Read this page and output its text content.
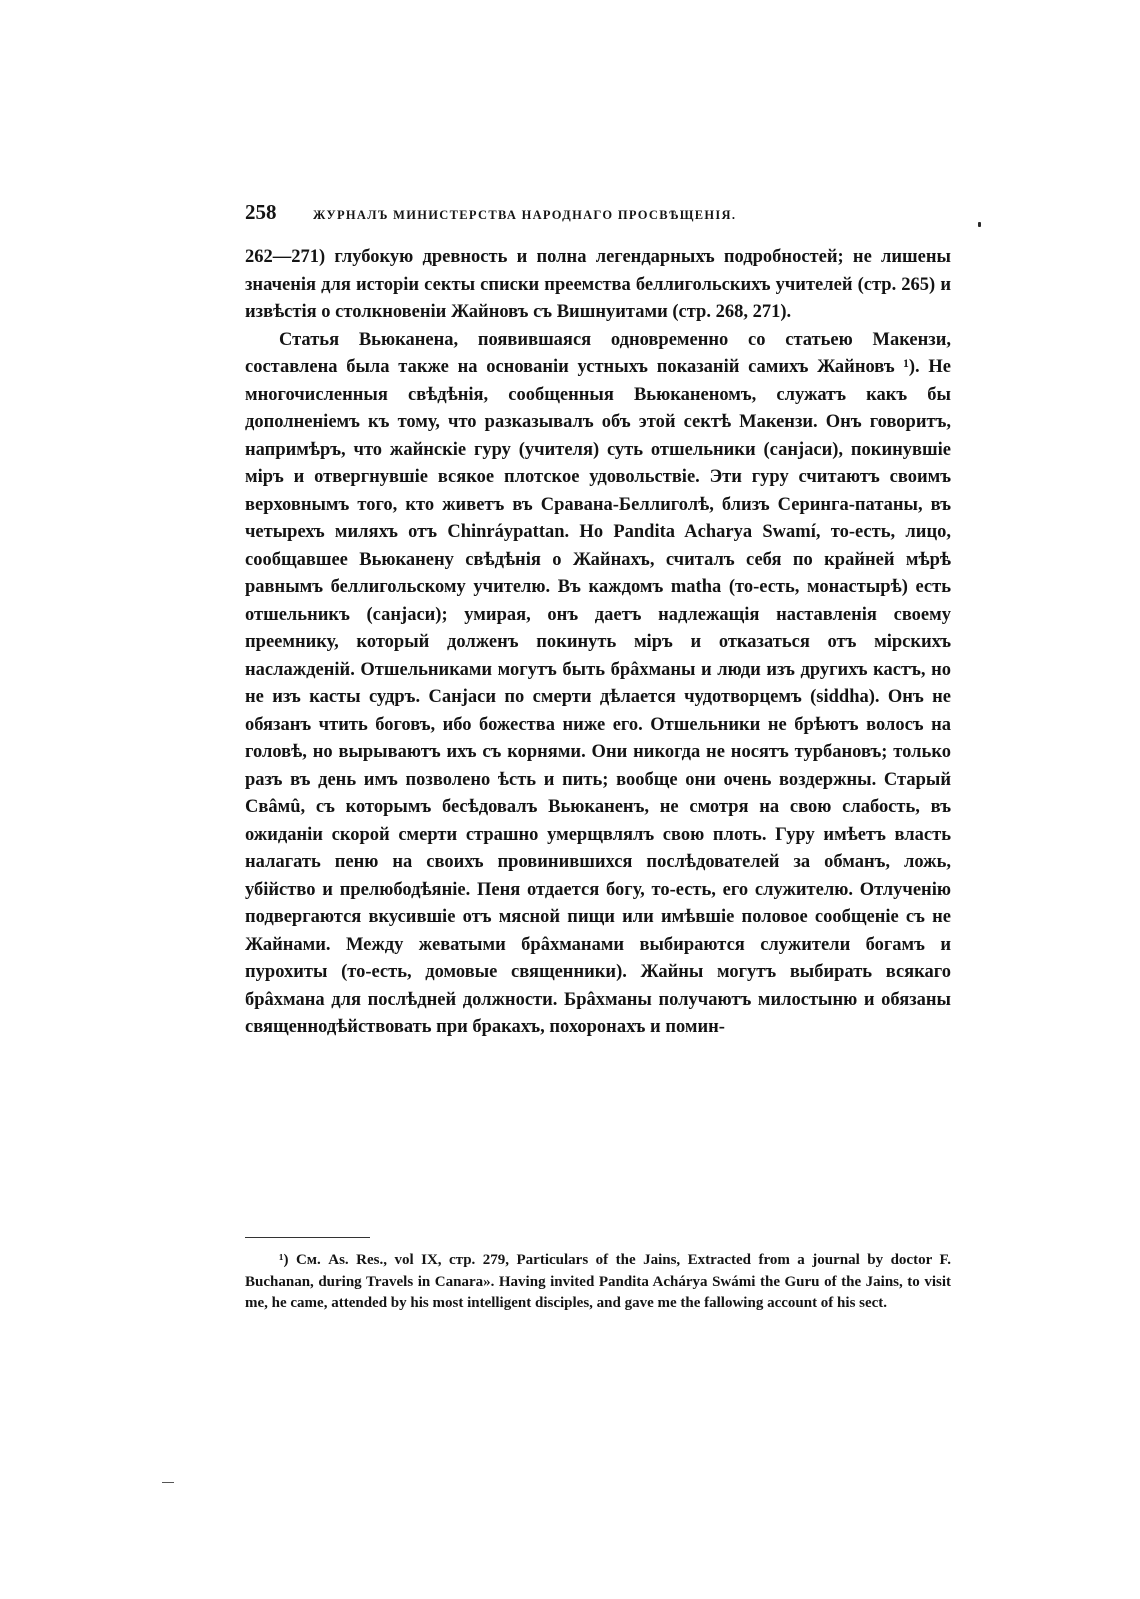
258	ЖУРНАЛЪ МИНИСТЕРСТВА НАРОДНАГО ПРОСВѢЩЕНІЯ.

262—271) глубокую древность и полна легендарныхъ подробностей; не лишены значенія для исторіи секты списки преемства беллигольскихъ учителей (стр. 265) и извѣстія о столкновеніи Жайновъ съ Вишнуитами (стр. 268, 271).

Статья Вьюканена, появившаяся одновременно со статьею Макензи, составлена была также на основаніи устныхъ показаній самихъ Жайновъ ¹). Не многочисленныя свѣдѣнія, сообщенныя Вьюканеномъ, служатъ какъ бы дополненіемъ къ тому, что разказывалъ объ этой сектѣ Макензи. Онъ говоритъ, напримѣръ, что жайнскіе гуру (учителя) суть отшельники (санjаси), покинувшіе міръ и отвергнувшіе всякое плотское удовольствіе. Эти гуру считаютъ своимъ верховнымъ того, кто живетъ въ Сравана-Беллиголѣ, близъ Серинга-патаны, въ четырехъ миляхъ отъ Chinráypattan. Но Pandita Acharya Swamí, то-есть, лицо, сообщавшее Вьюканену свѣдѣнія о Жайнахъ, считалъ себя по крайней мѣрѣ равнымъ беллигольскому учителю. Въ каждомъ matha (то-есть, монастырѣ) есть отшельникъ (санjаси); умирая, онъ даетъ надлежащія наставленія своему преемнику, который долженъ покинуть міръ и отказаться отъ мірскихъ наслажденій. Отшельниками могутъ быть брâхманы и люди изъ другихъ кастъ, но не изъ касты судръ. Санjаси по смерти дѣлается чудотворцемъ (siddha). Онъ не обязанъ чтить боговъ, ибо божества ниже его. Отшельники не брѣютъ волосъ на головѣ, но вырываютъ ихъ съ корнями. Они никогда не носятъ турбановъ; только разъ въ день имъ позволено ѣсть и пить; вообще они очень воздержны. Старый Свâмû, съ которымъ бесѣдовалъ Вьюканенъ, не смотря на свою слабость, въ ожиданіи скорой смерти страшно умерщвлялъ свою плоть. Гуру имѣетъ власть налагать пеню на своихъ провинившихся послѣдователей за обманъ, ложь, убійство и прелюбодѣяніе. Пеня отдается богу, то-есть, его служителю. Отлученію подвергаются вкусившіе отъ мясной пищи или имѣвшіе половое сообщеніе съ не Жайнами. Между жеватыми брâхманами выбираются служители богамъ и пурохиты (то-есть, домовые священники). Жайны могутъ выбирать всякаго брâхмана для послѣдней должности. Брâхманы получаютъ милостыню и обязаны священнодѣйствовать при бракахъ, похоронахъ и помин-

¹) См. As. Res., vol IX, стр. 279, Particulars of the Jains, Extracted from a journal by doctor F. Buchanan, during Travels in Canara». Having invited Pandita Achárya Swámi the Guru of the Jains, to visit me, he came, attended by his most intelligent disciples, and gave me the fallowing account of his sect.
